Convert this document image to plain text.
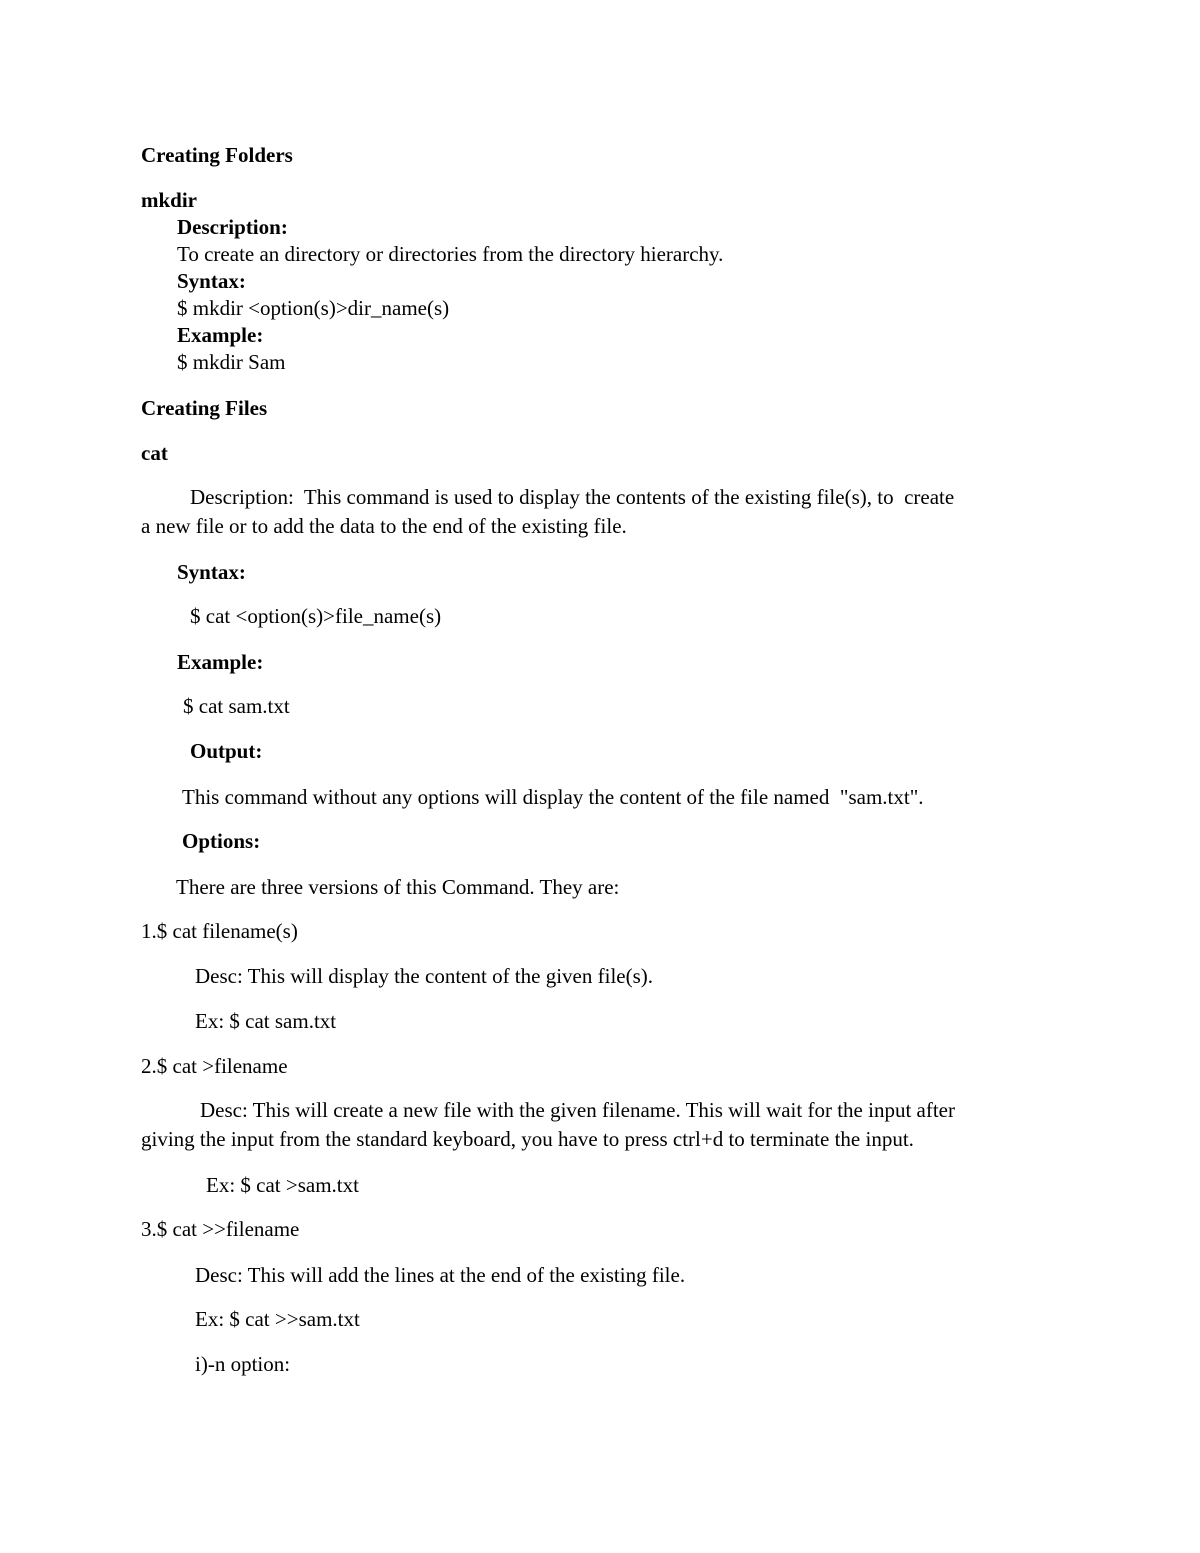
Creating Folders
mkdir
Description:
To create an directory or directories from the directory hierarchy.
Syntax:
$ mkdir <option(s)>dir_name(s)
Example:
$ mkdir Sam
Creating Files
cat
Description:  This command is used to display the contents of the existing file(s), to  create
a new file or to add the data to the end of the existing file.
Syntax:
$ cat <option(s)>file_name(s)
Example:
$ cat sam.txt
Output:
This command without any options will display the content of the file named  "sam.txt".
Options:
There are three versions of this Command. They are:
1.$ cat filename(s)
Desc: This will display the content of the given file(s).
Ex: $ cat sam.txt
2.$ cat >filename
Desc: This will create a new file with the given filename. This will wait for the input after
giving the input from the standard keyboard, you have to press ctrl+d to terminate the input.
Ex: $ cat >sam.txt
3.$ cat >>filename
Desc: This will add the lines at the end of the existing file.
Ex: $ cat >>sam.txt
i)-n option:
